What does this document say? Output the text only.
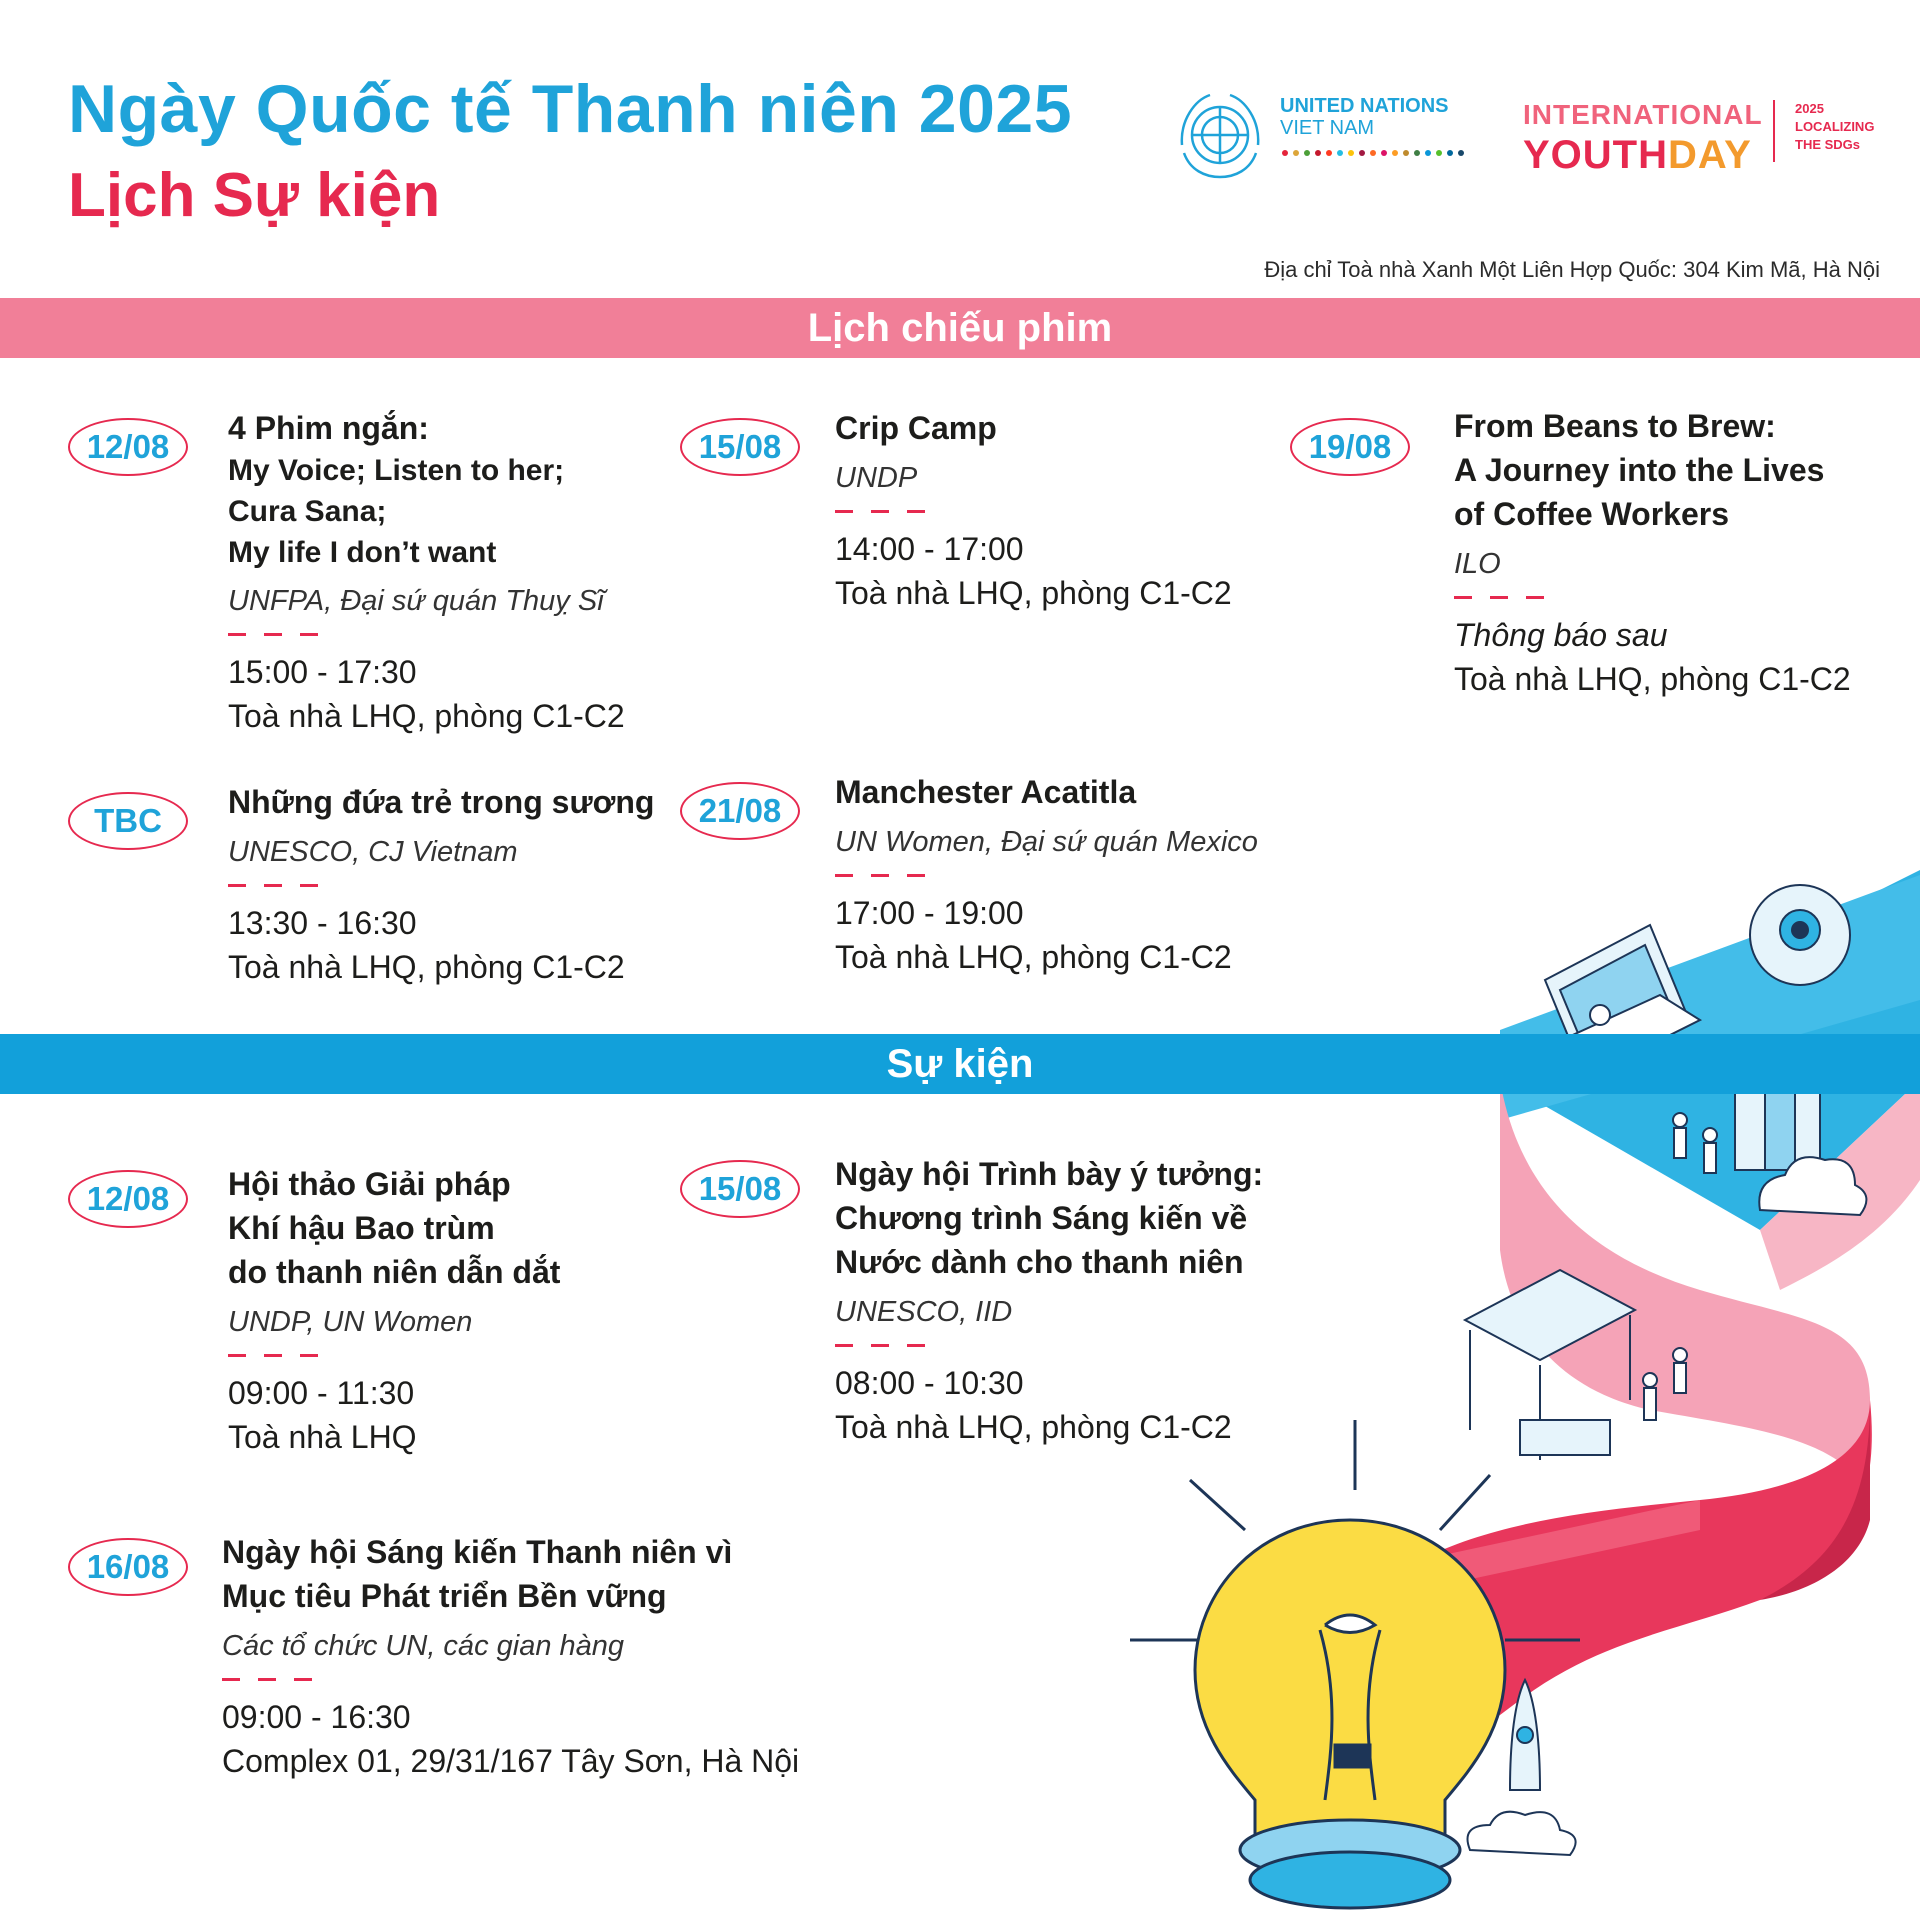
Ngày Quốc tế Thanh niên 2025
Lịch Sự kiện
UNITED NATIONS
VIET NAM	INTERNATIONAL
YOUTHDAY
2025
LOCALIZING
THE SDGs
Địa chỉ Toà nhà Xanh Một Liên Hợp Quốc: 304 Kim Mã, Hà Nội
Lịch chiếu phim
12/08	4 Phim ngắn:
My Voice; Listen to her;
Cura Sana;
My life I don’t want
UNFPA, Đại sứ quán Thuỵ Sĩ
15:00 - 17:30
Toà nhà LHQ, phòng C1-C2
15/08	Crip Camp
UNDP
14:00 - 17:00
Toà nhà LHQ, phòng C1-C2
19/08
From Beans to Brew:
A Journey into the Lives
of Coffee Workers
ILO
Thông báo sau
Toà nhà LHQ, phòng C1-C2
TBC	Những đứa trẻ trong sương
UNESCO, CJ Vietnam
13:30 - 16:30
Toà nhà LHQ, phòng C1-C2
21/08	Manchester Acatitla
UN Women, Đại sứ quán Mexico
17:00 - 19:00
Toà nhà LHQ, phòng C1-C2
Sự kiện
12/08	Hội thảo Giải pháp
Khí hậu Bao trùm
do thanh niên dẫn dắt
UNDP, UN Women
09:00 - 11:30
Toà nhà LHQ
15/08	Ngày hội Trình bày ý tưởng:
Chương trình Sáng kiến về
Nước dành cho thanh niên
UNESCO, IID
08:00 - 10:30
Toà nhà LHQ, phòng C1-C2
16/08	Ngày hội Sáng kiến Thanh niên vì
Mục tiêu Phát triển Bền vững
Các tổ chức UN, các gian hàng
09:00 - 16:30
Complex 01, 29/31/167 Tây Sơn, Hà Nội
